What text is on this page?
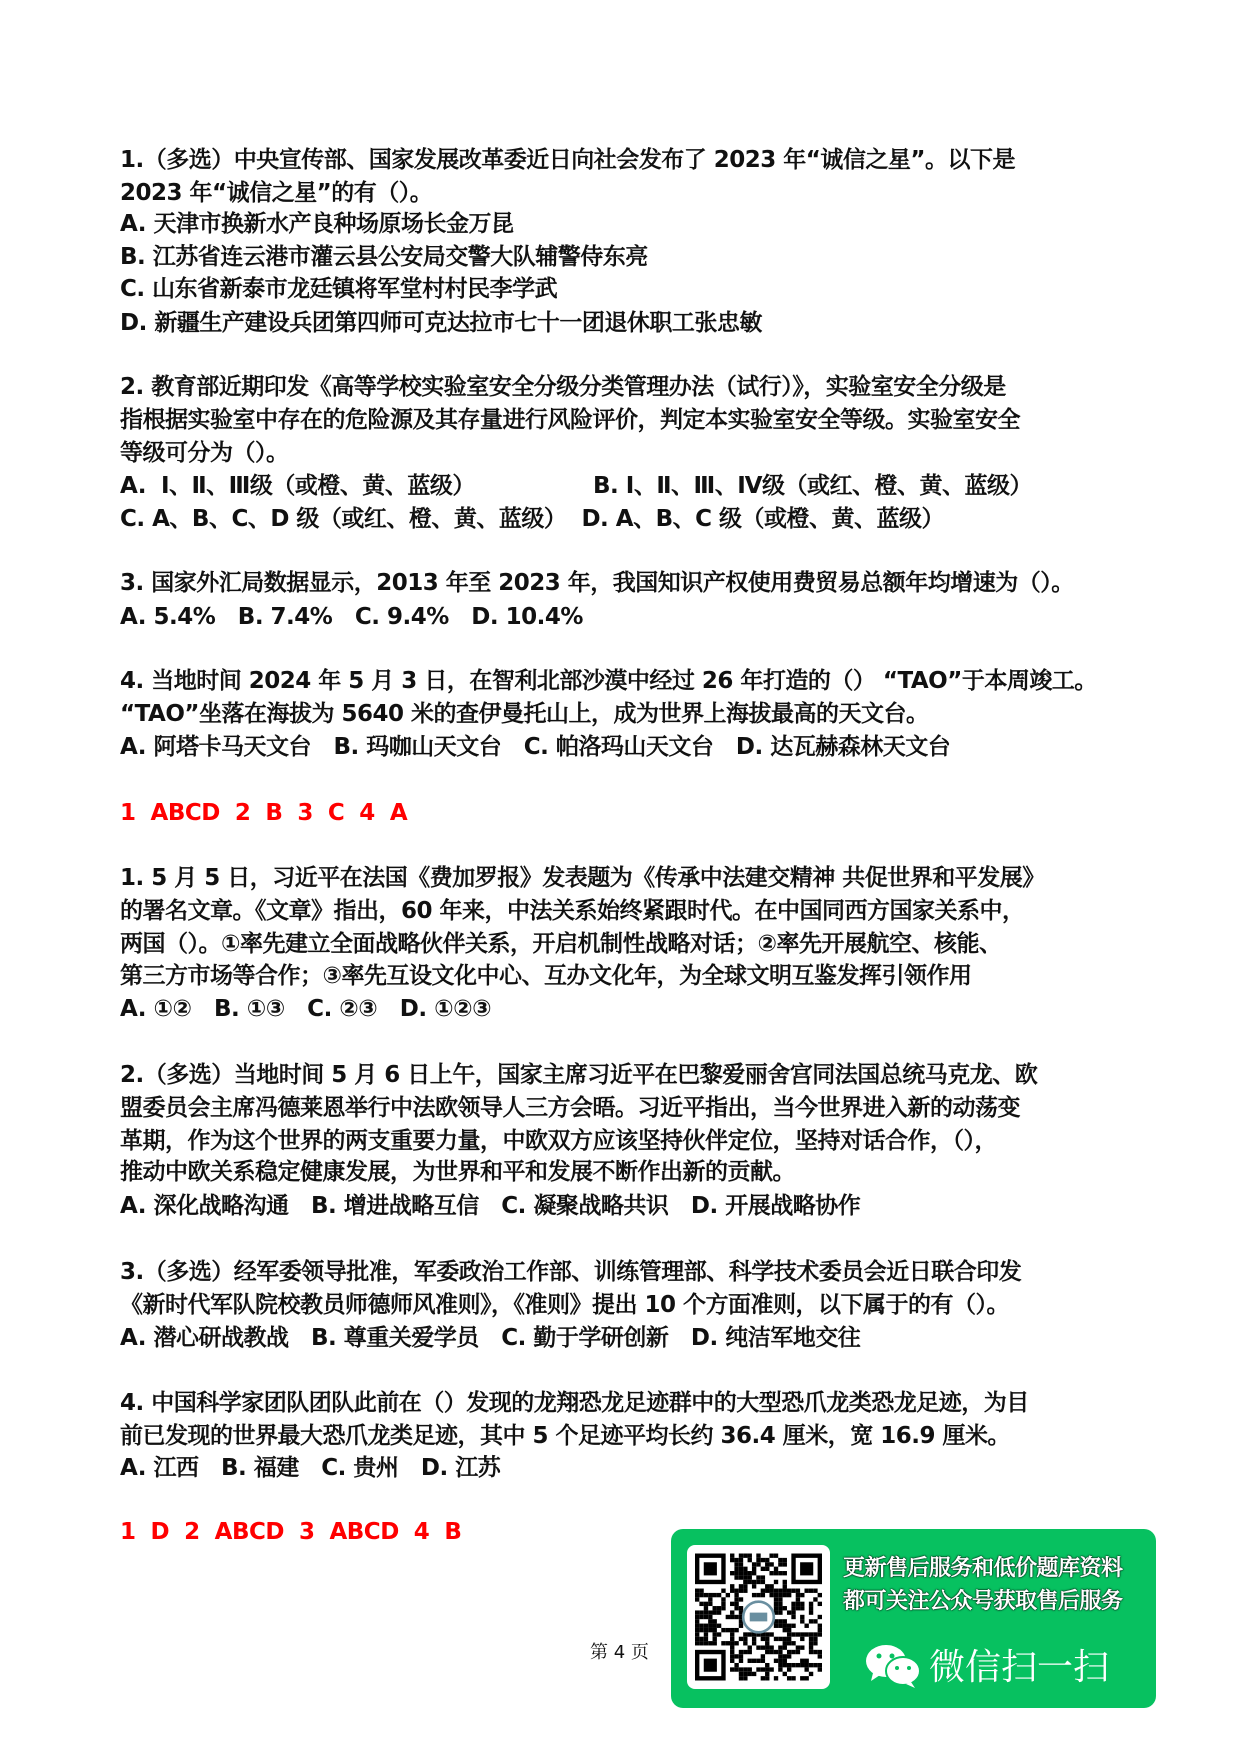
1.（多选）中央宣传部、国家发展改革委近日向社会发布了 2023 年“诚信之星”。以下是
2023 年“诚信之星”的有（）。
A. 天津市换新水产良种场原场长金万昆
B. 江苏省连云港市灌云县公安局交警大队辅警侍东亮
C. 山东省新泰市龙廷镇将军堂村村民李学武
D. 新疆生产建设兵团第四师可克达拉市七十一团退休职工张忠敏
2. 教育部近期印发《高等学校实验室安全分级分类管理办法（试行）》，实验室安全分级是
指根据实验室中存在的危险源及其存量进行风险评价，判定本实验室安全等级。实验室安全
等级可分为（）。
A.  Ⅰ、Ⅱ、Ⅲ级（或橙、黄、蓝级）	B. Ⅰ、Ⅱ、Ⅲ、Ⅳ级（或红、橙、黄、蓝级）
C. A、B、C、D 级（或红、橙、黄、蓝级）  D. A、B、C 级（或橙、黄、蓝级）
3. 国家外汇局数据显示，2013 年至 2023 年，我国知识产权使用费贸易总额年均增速为（）。
A. 5.4%   B. 7.4%   C. 9.4%   D. 10.4%
4. 当地时间 2024 年 5 月 3 日，在智利北部沙漠中经过 26 年打造的（） “TAO”于本周竣工。
“TAO”坐落在海拔为 5640 米的查伊曼托山上，成为世界上海拔最高的天文台。
A. 阿塔卡马天文台   B. 玛咖山天文台   C. 帕洛玛山天文台   D. 达瓦赫森林天文台
1  ABCD  2  B  3  C  4  A
1. 5 月 5 日，习近平在法国《费加罗报》发表题为《传承中法建交精神 共促世界和平发展》
的署名文章。《文章》指出，60 年来，中法关系始终紧跟时代。在中国同西方国家关系中，
两国（）。①率先建立全面战略伙伴关系，开启机制性战略对话；②率先开展航空、核能、
第三方市场等合作；③率先互设文化中心、互办文化年，为全球文明互鉴发挥引领作用
A. ①②   B. ①③   C. ②③   D. ①②③
2.（多选）当地时间 5 月 6 日上午，国家主席习近平在巴黎爱丽舍宫同法国总统马克龙、欧
盟委员会主席冯德莱恩举行中法欧领导人三方会晤。习近平指出，当今世界进入新的动荡变
革期，作为这个世界的两支重要力量，中欧双方应该坚持伙伴定位，坚持对话合作，（），
推动中欧关系稳定健康发展，为世界和平和发展不断作出新的贡献。
A. 深化战略沟通   B. 增进战略互信   C. 凝聚战略共识   D. 开展战略协作
3.（多选）经军委领导批准，军委政治工作部、训练管理部、科学技术委员会近日联合印发
《新时代军队院校教员师德师风准则》，《准则》提出 10 个方面准则，以下属于的有（）。
A. 潜心研战教战   B. 尊重关爱学员   C. 勤于学研创新   D. 纯洁军地交往
4. 中国科学家团队团队此前在（）发现的龙翔恐龙足迹群中的大型恐爪龙类恐龙足迹，为目
前已发现的世界最大恐爪龙类足迹，其中 5 个足迹平均长约 36.4 厘米，宽 16.9 厘米。
A. 江西   B. 福建   C. 贵州   D. 江苏
1  D  2  ABCD  3  ABCD  4  B
第 4 页
更新售后服务和低价题库资料
都可关注公众号获取售后服务
微信扫一扫
